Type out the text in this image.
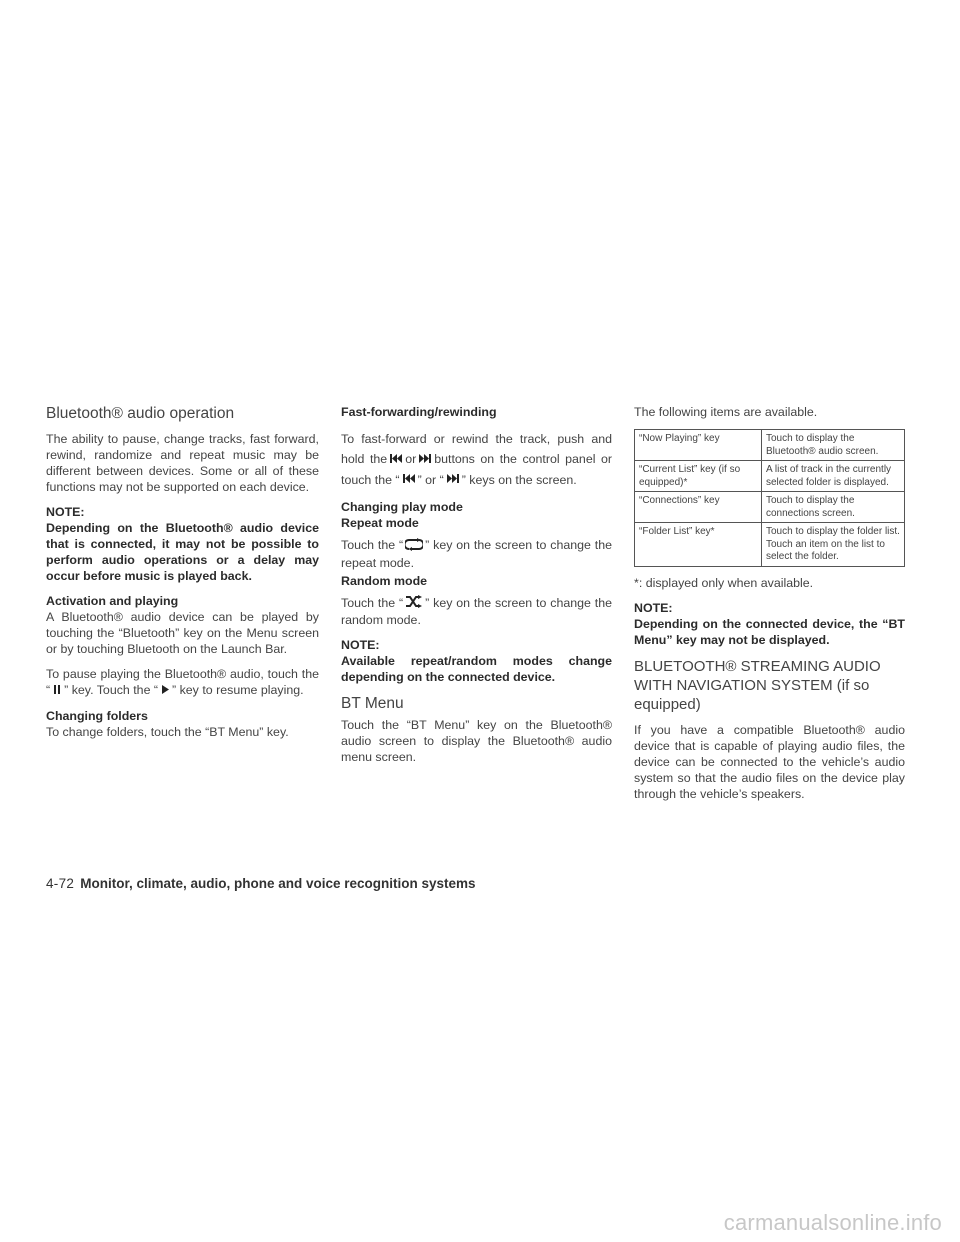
Bluetooth® audio operation

The ability to pause, change tracks, fast forward, rewind, randomize and repeat music may be different between devices. Some or all of these functions may not be supported on each device.

NOTE:

Depending on the Bluetooth® audio device that is connected, it may not be possible to perform audio operations or a delay may occur before music is played back.

Activation and playing

A Bluetooth® audio device can be played by touching the “Bluetooth” key on the Menu screen or by touching Bluetooth on the Launch Bar.

To pause playing the Bluetooth® audio, touch the “ ” key. Touch the “ ” key to resume playing.

Changing folders

To change folders, touch the “BT Menu” key.

Fast-forwarding/rewinding

To fast-forward or rewind the track, push and hold the or buttons on the control panel or touch the “ ” or “ ” keys on the screen.

Changing play mode

Repeat mode

Touch the “ ” key on the screen to change the repeat mode.

Random mode

Touch the “ ” key on the screen to change the random mode.

NOTE:

Available repeat/random modes change depending on the connected device.

BT Menu

Touch the “BT Menu” key on the Bluetooth® audio screen to display the Bluetooth® audio menu screen.

The following items are available.

“Now Playing” key	Touch to display the Bluetooth® audio screen.
“Current List” key (if so equipped)*	A list of track in the currently selected folder is displayed.
“Connections” key	Touch to display the connections screen.
“Folder List” key*	Touch to display the folder list. Touch an item on the list to select the folder.

*: displayed only when available.

NOTE:

Depending on the connected device, the “BT Menu” key may not be displayed.

BLUETOOTH® STREAMING AUDIO WITH NAVIGATION SYSTEM (if so equipped)

If you have a compatible Bluetooth® audio device that is capable of playing audio files, the device can be connected to the vehicle’s audio system so that the audio files on the device play through the vehicle’s speakers.

4-72 Monitor, climate, audio, phone and voice recognition systems
carmanualsonline.info
